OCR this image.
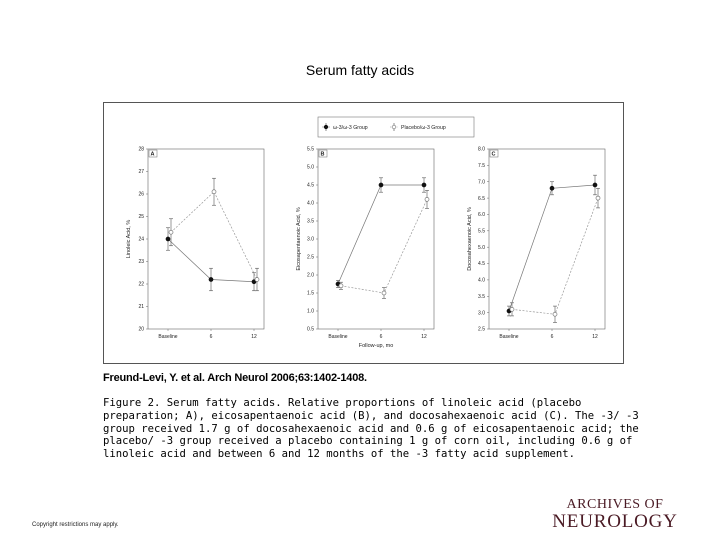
Serum fatty acids
ω-3/ω-3 Group	Placebo/ω-3 Group
A
20
21
22
23
24
25
26
27
28
Linoleic Acid, %
Baseline	6	12
B
0.5
1.0
1.5
2.0
2.5
3.0
3.5
4.0
4.5
5.0
5.5
Eicosapentaenoic Acid, %
Baseline	6	12
Follow-up, mo
C
2.5
3.0
3.5
4.0
4.5
5.0
5.5
6.0
6.5
7.0
7.5
8.0
Docosahexaenoic Acid, %
Baseline	6	12
Freund-Levi, Y. et al. Arch Neurol 2006;63:1402-1408.
Figure 2. Serum fatty acids. Relative proportions of linoleic acid (placebo preparation; A), eicosapentaenoic acid (B), and docosahexaenoic acid (C). The -3/ -3 group received 1.7 g of docosahexaenoic acid and 0.6 g of eicosapentaenoic acid; the placebo/ -3 group received a placebo containing 1 g of corn oil, including 0.6 g of linoleic acid and between 6 and 12 months of the -3 fatty acid supplement.
Copyright restrictions may apply.
ARCHIVES OF
NEUROLOGY
